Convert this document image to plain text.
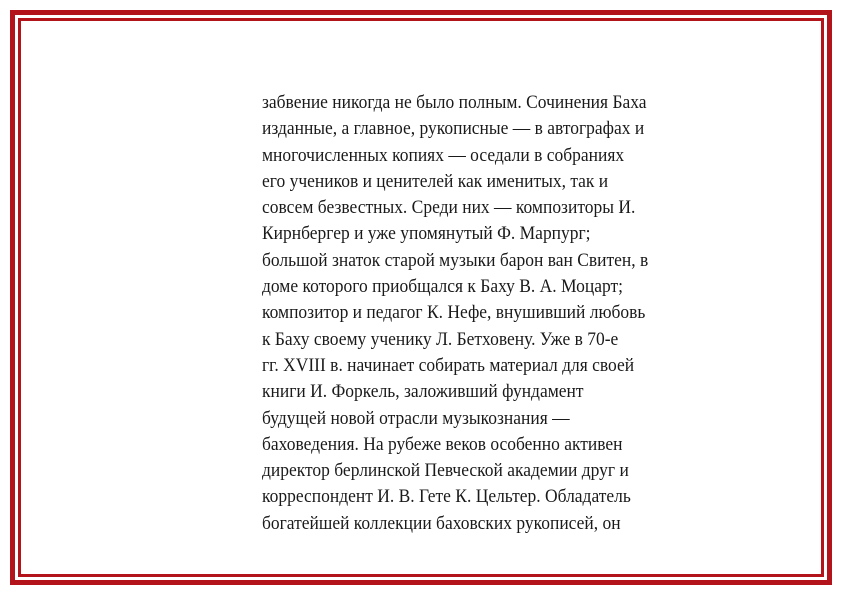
забвение никогда не было полным. Сочинения Баха
изданные, а главное, рукописные — в автографах и
многочисленных копиях — оседали в собраниях
его учеников и ценителей как именитых, так и
совсем безвестных. Среди них — композиторы И.
Кирнбергер и уже упомянутый Ф. Марпург;
большой знаток старой музыки барон ван Свитен, в
доме которого приобщался к Баху В. А. Моцарт;
композитор и педагог К. Нефе, внушивший любовь
к Баху своему ученику Л. Бетховену. Уже в 70-е
гг. XVIII в. начинает собирать материал для своей
книги И. Форкель, заложивший фундамент
будущей новой отрасли музыкознания —
баховедения. На рубеже веков особенно активен
директор берлинской Певческой академии друг и
корреспондент И. В. Гете К. Цельтер. Обладатель
богатейшей коллекции баховских рукописей, он
